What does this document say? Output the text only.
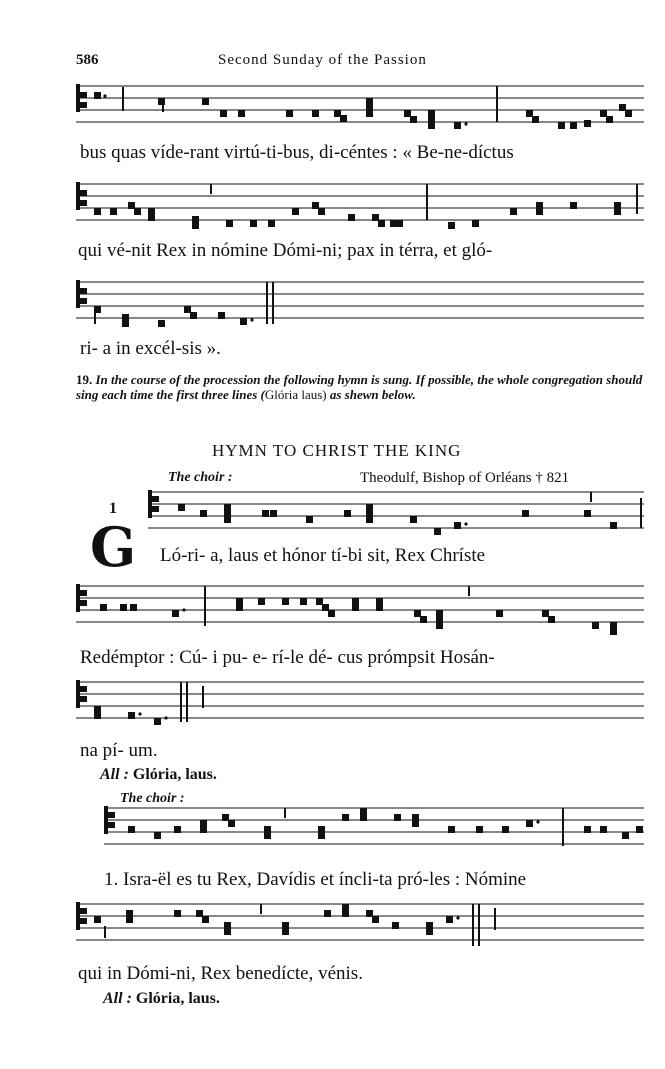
586	Second Sunday of the Passion
bus quas víde-rant virtú-ti-bus, di-céntes : « Be-ne-díctus
qui vé-nit Rex in nómine Dómi-ni; pax in térra, et gló-
ri- a in excél-sis ».
19. In the course of the procession the following hymn is sung. If possible, the whole congregation should sing each time the first three lines (Glória laus) as shewn below.
HYMN TO CHRIST THE KING
The choir :	Theodulf, Bishop of Orléans † 821
1
G Ló-ri- a, laus et hónor tí-bi sit, Rex Chríste
Redémptor : Cú- i pu- e- rí-le dé- cus prómpsit Hosán-
na pí- um.
All : Glória, laus.
The choir :
1. Isra-ël es tu Rex, Davídis et íncli-ta pró-les : Nómine
qui in Dómi-ni, Rex benedícte, vénis.
All : Glória, laus.
